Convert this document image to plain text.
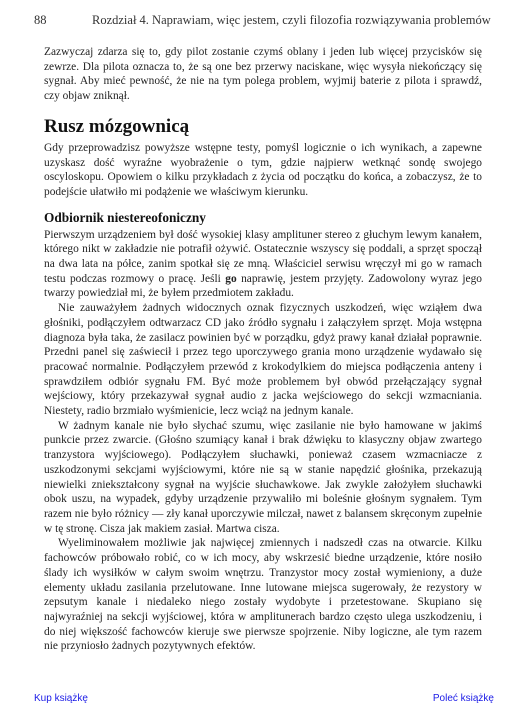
88	Rozdział 4. Naprawiam, więc jestem, czyli filozofia rozwiązywania problemów

Zazwyczaj zdarza się to, gdy pilot zostanie czymś oblany i jeden lub więcej przycisków się zewrze. Dla pilota oznacza to, że są one bez przerwy naciskane, więc wysyła niekończący się sygnał. Aby mieć pewność, że nie na tym polega problem, wyjmij baterie z pilota i sprawdź, czy objaw zniknął.

Rusz mózgownicą

Gdy przeprowadzisz powyższe wstępne testy, pomyśl logicznie o ich wynikach, a zapewne uzyskasz dość wyraźne wyobrażenie o tym, gdzie najpierw wetknąć sondę swojego oscyloskopu. Opowiem o kilku przykładach z życia od początku do końca, a zobaczysz, że to podejście ułatwiło mi podążenie we właściwym kierunku.

Odbiornik niestereofoniczny

Pierwszym urządzeniem był dość wysokiej klasy amplituner stereo z głuchym lewym kanałem, którego nikt w zakładzie nie potrafił ożywić. Ostatecznie wszyscy się poddali, a sprzęt spoczął na dwa lata na półce, zanim spotkał się ze mną. Właściciel serwisu wręczył mi go w ramach testu podczas rozmowy o pracę. Jeśli go naprawię, jestem przyjęty. Zadowolony wyraz jego twarzy powiedział mi, że byłem przedmiotem zakładu.

Nie zauważyłem żadnych widocznych oznak fizycznych uszkodzeń, więc wziąłem dwa głośniki, podłączyłem odtwarzacz CD jako źródło sygnału i załączyłem sprzęt. Moja wstępna diagnoza była taka, że zasilacz powinien być w porządku, gdyż prawy kanał działał poprawnie. Przedni panel się zaświecił i przez tego uporczywego grania mono urządzenie wydawało się pracować normalnie. Podłączyłem przewód z krokodylkiem do miejsca podłączenia anteny i sprawdziłem odbiór sygnału FM. Być może problemem był obwód przełączający sygnał wejściowy, który przekazywał sygnał audio z jacka wejściowego do sekcji wzmacniania. Niestety, radio brzmiało wyśmienicie, lecz wciąż na jednym kanale.

W żadnym kanale nie było słychać szumu, więc zasilanie nie było hamowane w jakimś punkcie przez zwarcie. (Głośno szumiący kanał i brak dźwięku to klasyczny objaw zwartego tranzystora wyjściowego). Podłączyłem słuchawki, ponieważ czasem wzmacniacze z uszkodzonymi sekcjami wyjściowymi, które nie są w stanie napędzić głośnika, przekazują niewielki zniekształcony sygnał na wyjście słuchawkowe. Jak zwykle założyłem słuchawki obok uszu, na wypadek, gdyby urządzenie przywaliło mi boleśnie głośnym sygnałem. Tym razem nie było różnicy — zły kanał uporczywie milczał, nawet z balansem skręconym zupełnie w tę stronę. Cisza jak makiem zasiał. Martwa cisza.

Wyeliminowałem możliwie jak najwięcej zmiennych i nadszedł czas na otwarcie. Kilku fachowców próbowało robić, co w ich mocy, aby wskrzesić biedne urządzenie, które nosiło ślady ich wysiłków w całym swoim wnętrzu. Tranzystor mocy został wymieniony, a duże elementy układu zasilania przelutowane. Inne lutowane miejsca sugerowały, że rezystory w zepsutym kanale i niedaleko niego zostały wydobyte i przetestowane. Skupiano się najwyraźniej na sekcji wyjściowej, która w amplitunerach bardzo często ulega uszkodzeniu, i do niej większość fachowców kieruje swe pierwsze spojrzenie. Niby logiczne, ale tym razem nie przyniosło żadnych pozytywnych efektów.

Kup książkę	Poleć książkę
